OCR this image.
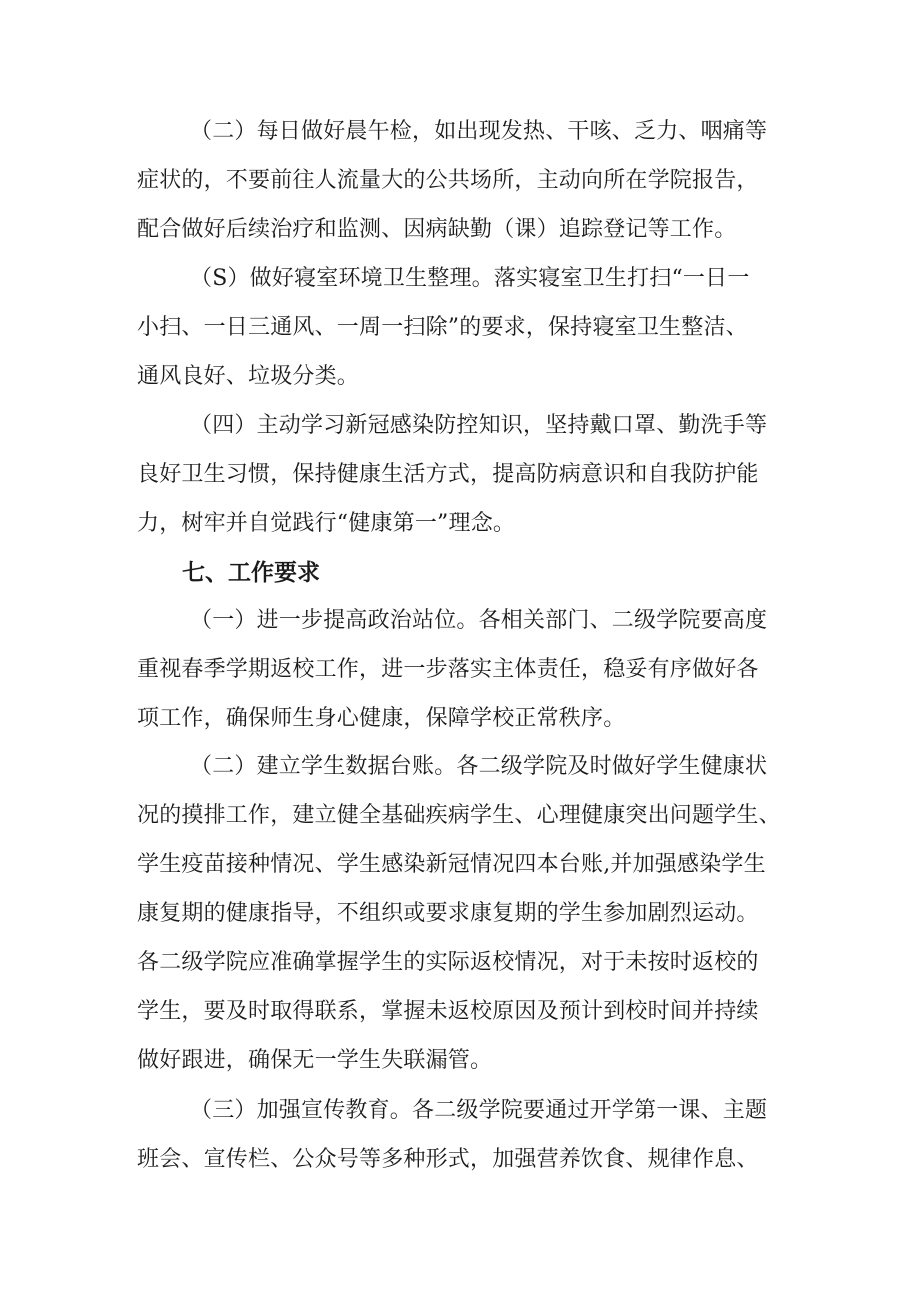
（二）每日做好晨午检，如出现发热、干咳、乏力、咽痛等
症状的，不要前往人流量大的公共场所，主动向所在学院报告，
配合做好后续治疗和监测、因病缺勤（课）追踪登记等工作。
（S）做好寝室环境卫生整理。落实寝室卫生打扫“一日一
小扫、一日三通风、一周一扫除”的要求，保持寝室卫生整洁、
通风良好、垃圾分类。
（四）主动学习新冠感染防控知识，坚持戴口罩、勤洗手等
良好卫生习惯，保持健康生活方式，提高防病意识和自我防护能
力，树牢并自觉践行“健康第一”理念。
七、工作要求
（一）进一步提高政治站位。各相关部门、二级学院要高度
重视春季学期返校工作，进一步落实主体责任，稳妥有序做好各
项工作，确保师生身心健康，保障学校正常秩序。
（二）建立学生数据台账。各二级学院及时做好学生健康状
况的摸排工作，建立健全基础疾病学生、心理健康突出问题学生、
学生疫苗接种情况、学生感染新冠情况四本台账,并加强感染学生
康复期的健康指导，不组织或要求康复期的学生参加剧烈运动。
各二级学院应准确掌握学生的实际返校情况，对于未按时返校的
学生，要及时取得联系，掌握未返校原因及预计到校时间并持续
做好跟进，确保无一学生失联漏管。
（三）加强宣传教育。各二级学院要通过开学第一课、主题
班会、宣传栏、公众号等多种形式，加强营养饮食、规律作息、
